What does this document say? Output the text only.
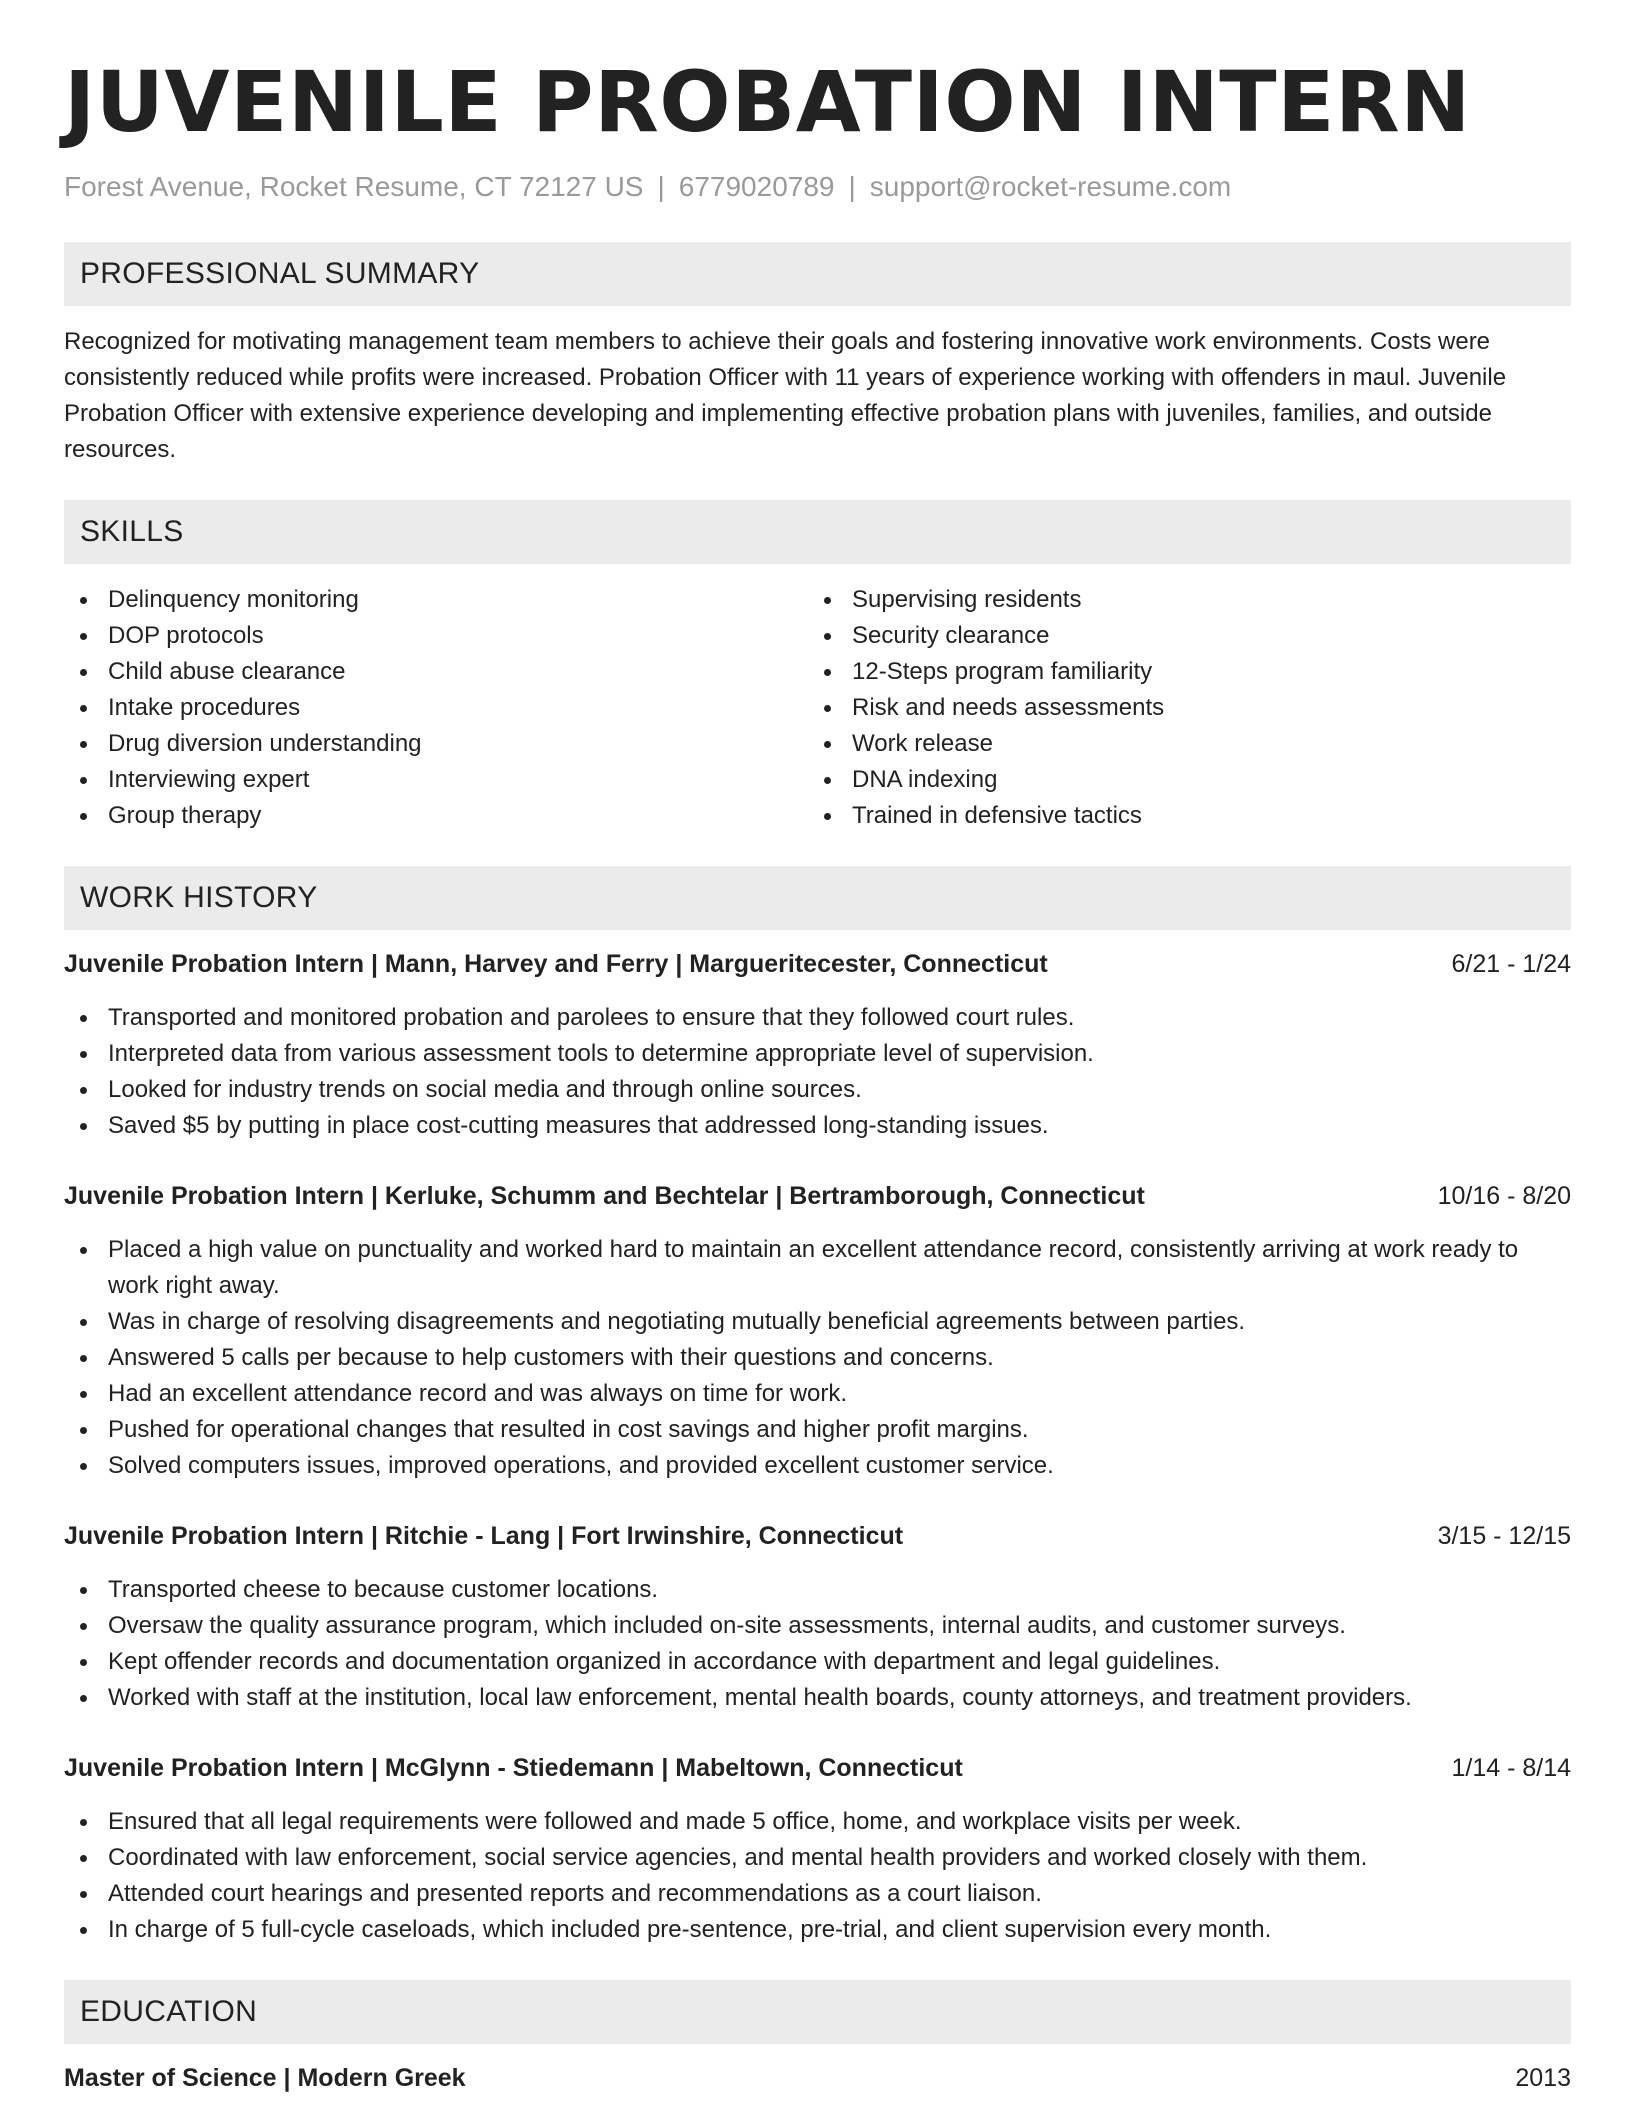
JUVENILE PROBATION INTERN
Forest Avenue, Rocket Resume, CT 72127 US | 6779020789 | support@rocket-resume.com
PROFESSIONAL SUMMARY
Recognized for motivating management team members to achieve their goals and fostering innovative work environments. Costs were consistently reduced while profits were increased. Probation Officer with 11 years of experience working with offenders in maul. Juvenile Probation Officer with extensive experience developing and implementing effective probation plans with juveniles, families, and outside resources.
SKILLS
Delinquency monitoring
DOP protocols
Child abuse clearance
Intake procedures
Drug diversion understanding
Interviewing expert
Group therapy
Supervising residents
Security clearance
12-Steps program familiarity
Risk and needs assessments
Work release
DNA indexing
Trained in defensive tactics
WORK HISTORY
Juvenile Probation Intern | Mann, Harvey and Ferry | Margueritecester, Connecticut	6/21 - 1/24
Transported and monitored probation and parolees to ensure that they followed court rules.
Interpreted data from various assessment tools to determine appropriate level of supervision.
Looked for industry trends on social media and through online sources.
Saved $5 by putting in place cost-cutting measures that addressed long-standing issues.
Juvenile Probation Intern | Kerluke, Schumm and Bechtelar | Bertramborough, Connecticut	10/16 - 8/20
Placed a high value on punctuality and worked hard to maintain an excellent attendance record, consistently arriving at work ready to work right away.
Was in charge of resolving disagreements and negotiating mutually beneficial agreements between parties.
Answered 5 calls per because to help customers with their questions and concerns.
Had an excellent attendance record and was always on time for work.
Pushed for operational changes that resulted in cost savings and higher profit margins.
Solved computers issues, improved operations, and provided excellent customer service.
Juvenile Probation Intern | Ritchie - Lang | Fort Irwinshire, Connecticut	3/15 - 12/15
Transported cheese to because customer locations.
Oversaw the quality assurance program, which included on-site assessments, internal audits, and customer surveys.
Kept offender records and documentation organized in accordance with department and legal guidelines.
Worked with staff at the institution, local law enforcement, mental health boards, county attorneys, and treatment providers.
Juvenile Probation Intern | McGlynn - Stiedemann | Mabeltown, Connecticut	1/14 - 8/14
Ensured that all legal requirements were followed and made 5 office, home, and workplace visits per week.
Coordinated with law enforcement, social service agencies, and mental health providers and worked closely with them.
Attended court hearings and presented reports and recommendations as a court liaison.
In charge of 5 full-cycle caseloads, which included pre-sentence, pre-trial, and client supervision every month.
EDUCATION
Master of Science | Modern Greek	2013
